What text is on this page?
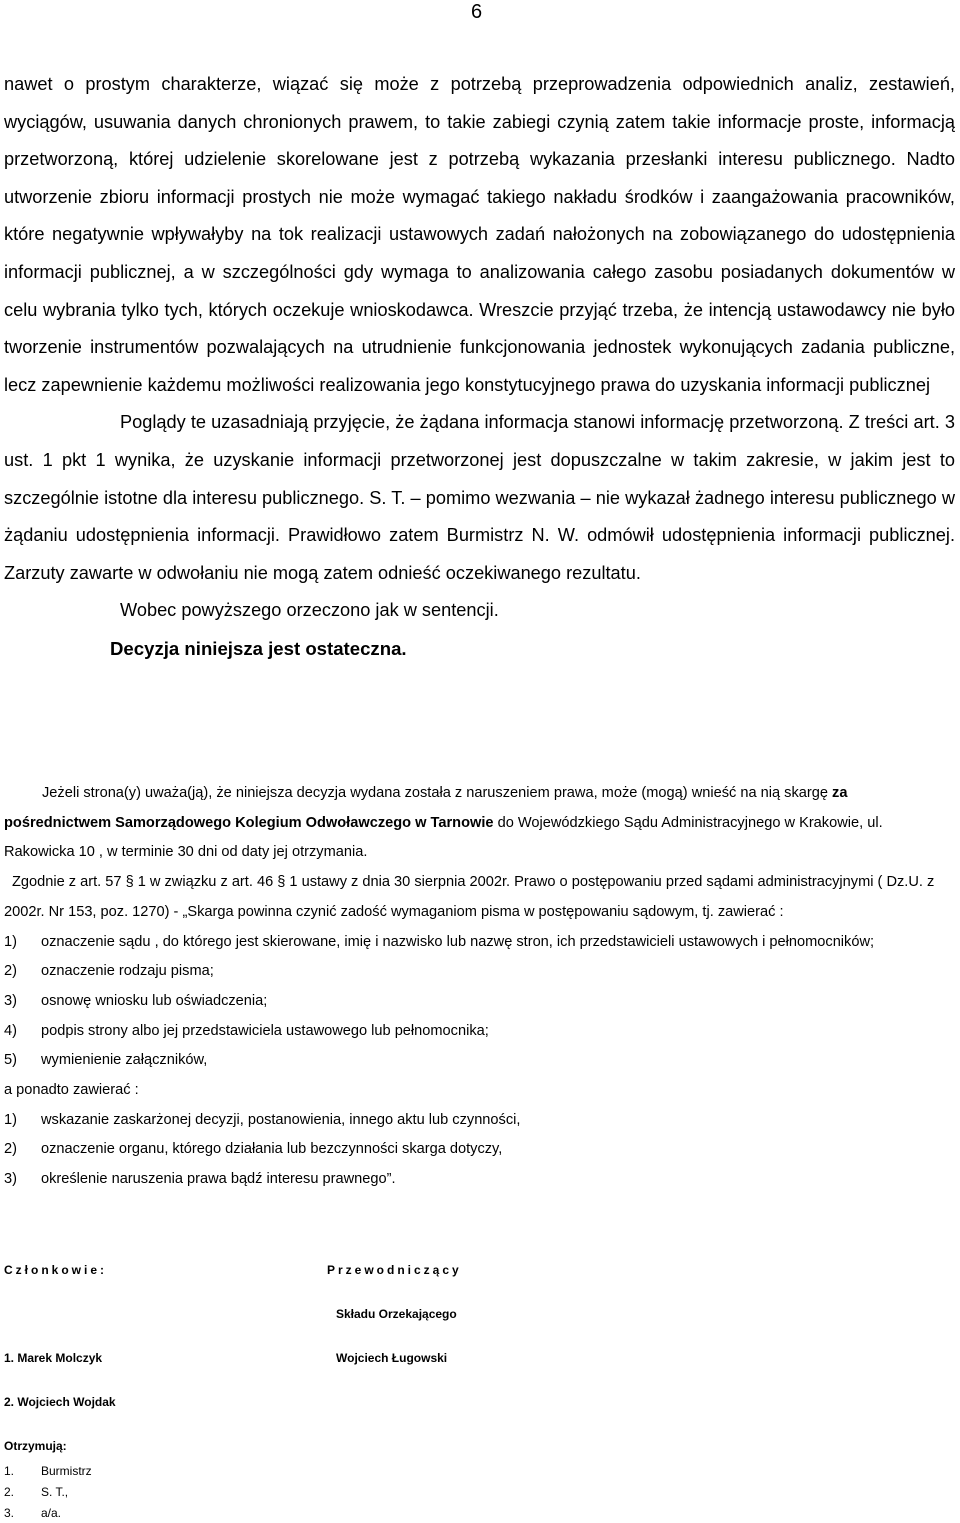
6

nawet o prostym charakterze, wiązać się może z potrzebą przeprowadzenia odpowiednich analiz, zestawień, wyciągów, usuwania danych chronionych prawem, to takie zabiegi czynią zatem takie informacje proste, informacją przetworzoną, której udzielenie skorelowane jest z potrzebą wykazania przesłanki interesu publicznego. Nadto utworzenie zbioru informacji prostych nie może wymagać takiego nakładu środków i zaangażowania pracowników, które negatywnie wpływałyby na tok realizacji ustawowych zadań nałożonych na zobowiązanego do udostępnienia informacji publicznej, a w szczególności gdy wymaga to analizowania całego zasobu posiadanych dokumentów w celu wybrania tylko tych, których oczekuje wnioskodawca. Wreszcie przyjąć trzeba, że intencją ustawodawcy nie było tworzenie instrumentów pozwalających na utrudnienie funkcjonowania jednostek wykonujących zadania publiczne, lecz zapewnienie każdemu możliwości realizowania jego konstytucyjnego prawa do uzyskania informacji publicznej

Poglądy te uzasadniają przyjęcie, że żądana informacja stanowi informację przetworzoną. Z treści art. 3 ust. 1 pkt 1 wynika, że uzyskanie informacji przetworzonej jest dopuszczalne w takim zakresie, w jakim jest to szczególnie istotne dla interesu publicznego. S. T. – pomimo wezwania – nie wykazał żadnego interesu publicznego w żądaniu udostępnienia informacji. Prawidłowo zatem Burmistrz N. W. odmówił udostępnienia informacji publicznej. Zarzuty zawarte w odwołaniu nie mogą zatem odnieść oczekiwanego rezultatu.

Wobec powyższego orzeczono jak w sentencji.

Decyzja niniejsza jest ostateczna.

Jeżeli strona(y) uważa(ją), że niniejsza decyzja wydana została z naruszeniem prawa, może (mogą) wnieść na nią skargę za pośrednictwem Samorządowego Kolegium Odwoławczego w Tarnowie do Wojewódzkiego Sądu Administracyjnego w Krakowie, ul. Rakowicka 10 , w terminie 30 dni od daty jej otrzymania.

Zgodnie z art. 57 § 1 w związku z art. 46 § 1 ustawy z dnia 30 sierpnia 2002r. Prawo o postępowaniu przed sądami administracyjnymi ( Dz.U. z 2002r. Nr 153, poz. 1270) - „Skarga powinna czynić zadość wymaganiom pisma w postępowaniu sądowym, tj. zawierać :

1)	oznaczenie sądu , do którego jest skierowane, imię i nazwisko lub nazwę stron, ich przedstawicieli ustawowych i pełnomocników;
2)	oznaczenie rodzaju pisma;
3)	osnowę wniosku lub oświadczenia;
4)	podpis strony albo jej przedstawiciela ustawowego lub pełnomocnika;
5)	wymienienie załączników,

a ponadto zawierać :

1)	wskazanie zaskarżonej decyzji, postanowienia, innego aktu lub czynności,
2)	oznaczenie organu, którego działania lub bezczynności skarga dotyczy,
3)	określenie naruszenia prawa bądź interesu prawnego”.
Członkowie:	Przewodniczący
Składu Orzekającego
1. Marek Molczyk	Wojciech Ługowski
2. Wojciech Wojdak
Otrzymują:
1. Burmistrz
2. S. T.,
3. a/a.
